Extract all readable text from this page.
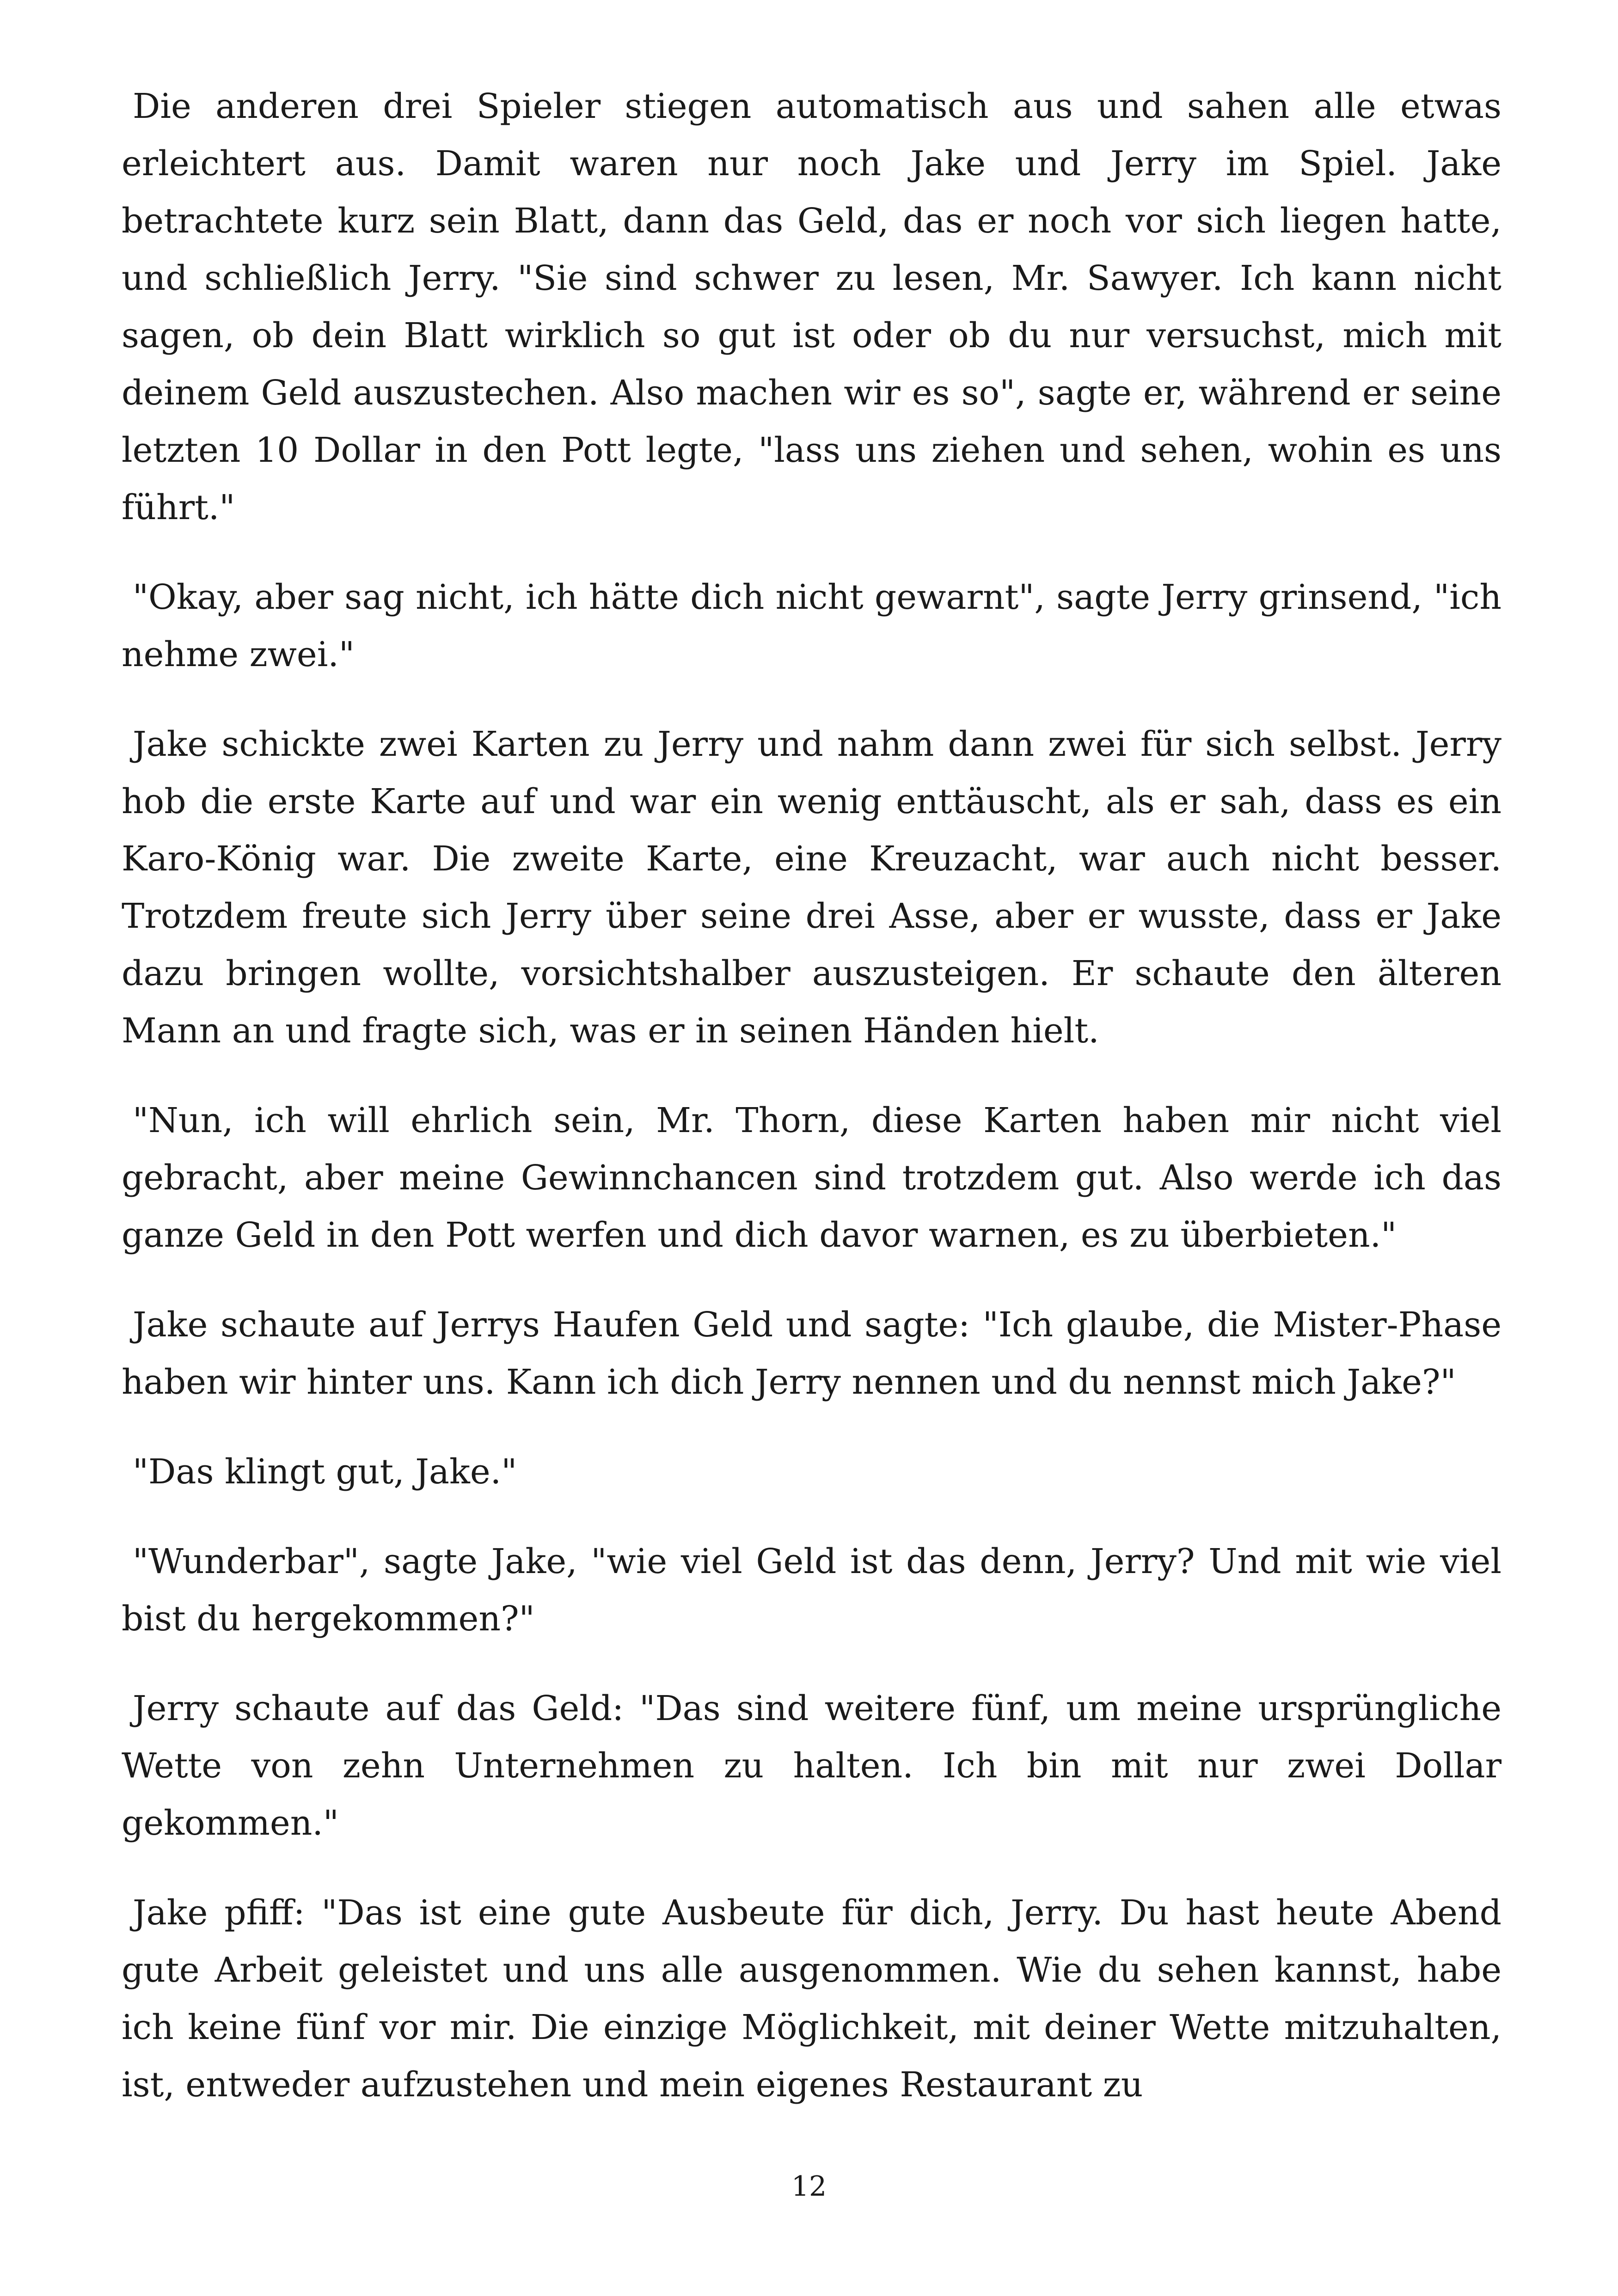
Die anderen drei Spieler stiegen automatisch aus und sahen alle etwas erleichtert aus. Damit waren nur noch Jake und Jerry im Spiel. Jake betrachtete kurz sein Blatt, dann das Geld, das er noch vor sich liegen hatte, und schließlich Jerry. "Sie sind schwer zu lesen, Mr. Sawyer. Ich kann nicht sagen, ob dein Blatt wirklich so gut ist oder ob du nur versuchst, mich mit deinem Geld auszustechen. Also machen wir es so", sagte er, während er seine letzten 10 Dollar in den Pott legte, "lass uns ziehen und sehen, wohin es uns führt."

"Okay, aber sag nicht, ich hätte dich nicht gewarnt", sagte Jerry grinsend, "ich nehme zwei."

Jake schickte zwei Karten zu Jerry und nahm dann zwei für sich selbst. Jerry hob die erste Karte auf und war ein wenig enttäuscht, als er sah, dass es ein Karo-König war. Die zweite Karte, eine Kreuzacht, war auch nicht besser. Trotzdem freute sich Jerry über seine drei Asse, aber er wusste, dass er Jake dazu bringen wollte, vorsichtshalber auszusteigen. Er schaute den älteren Mann an und fragte sich, was er in seinen Händen hielt.

"Nun, ich will ehrlich sein, Mr. Thorn, diese Karten haben mir nicht viel gebracht, aber meine Gewinnchancen sind trotzdem gut. Also werde ich das ganze Geld in den Pott werfen und dich davor warnen, es zu überbieten."

Jake schaute auf Jerrys Haufen Geld und sagte: "Ich glaube, die Mister-Phase haben wir hinter uns. Kann ich dich Jerry nennen und du nennst mich Jake?"

"Das klingt gut, Jake."

"Wunderbar", sagte Jake, "wie viel Geld ist das denn, Jerry? Und mit wie viel bist du hergekommen?"

Jerry schaute auf das Geld: "Das sind weitere fünf, um meine ursprüngliche Wette von zehn Unternehmen zu halten. Ich bin mit nur zwei Dollar gekommen."

Jake pfiff: "Das ist eine gute Ausbeute für dich, Jerry. Du hast heute Abend gute Arbeit geleistet und uns alle ausgenommen. Wie du sehen kannst, habe ich keine fünf vor mir. Die einzige Möglichkeit, mit deiner Wette mitzuhalten, ist, entweder aufzustehen und mein eigenes Restaurant zu

12
